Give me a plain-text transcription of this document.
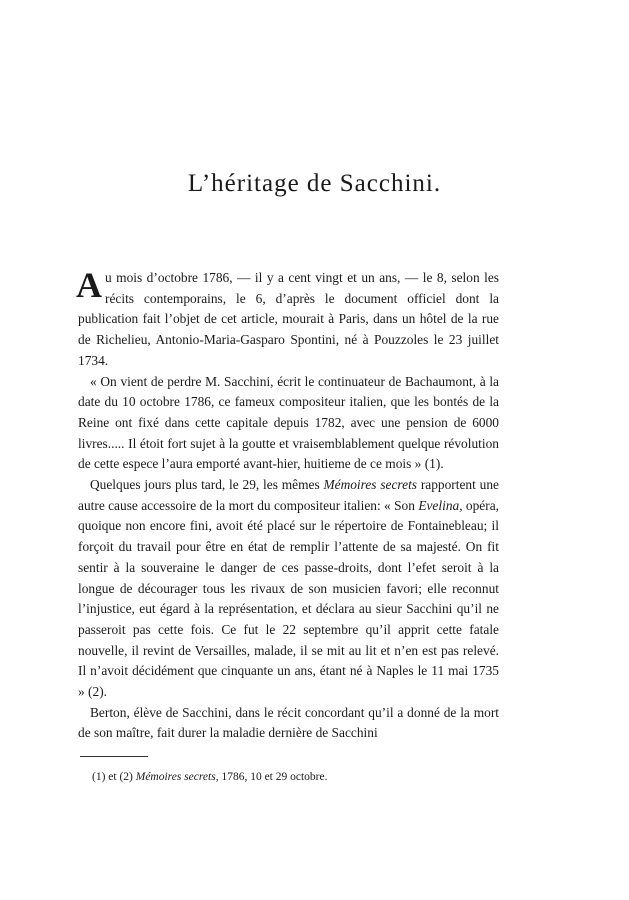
L’héritage de Sacchini.

Au mois d’octobre 1786, — il y a cent vingt et un ans, — le 8, selon les récits contemporains, le 6, d’après le document officiel dont la publication fait l’objet de cet article, mourait à Paris, dans un hôtel de la rue de Richelieu, Antonio-Maria-Gasparo Spontini, né à Pouzzoles le 23 juillet 1734.

« On vient de perdre M. Sacchini, écrit le continuateur de Bachaumont, à la date du 10 octobre 1786, ce fameux compositeur italien, que les bontés de la Reine ont fixé dans cette capitale depuis 1782, avec une pension de 6000 livres..... Il étoit fort sujet à la goutte et vraisemblablement quelque révolution de cette espece l’aura emporté avant-hier, huitieme de ce mois » (1).

Quelques jours plus tard, le 29, les mêmes Mémoires secrets rapportent une autre cause accessoire de la mort du compositeur italien: « Son Evelina, opéra, quoique non encore fini, avoit été placé sur le répertoire de Fontainebleau; il forçoit du travail pour être en état de remplir l’attente de sa majesté. On fit sentir à la souveraine le danger de ces passe-droits, dont l’efet seroit à la longue de décourager tous les rivaux de son musicien favori; elle reconnut l’injustice, eut égard à la représentation, et déclara au sieur Sacchini qu’il ne passeroit pas cette fois. Ce fut le 22 septembre qu’il apprit cette fatale nouvelle, il revint de Versailles, malade, il se mit au lit et n’en est pas relevé. Il n’avoit décidément que cinquante un ans, étant né à Naples le 11 mai 1735 » (2).

Berton, élève de Sacchini, dans le récit concordant qu’il a donné de la mort de son maître, fait durer la maladie dernière de Sacchini

(1) et (2) Mémoires secrets, 1786, 10 et 29 octobre.
